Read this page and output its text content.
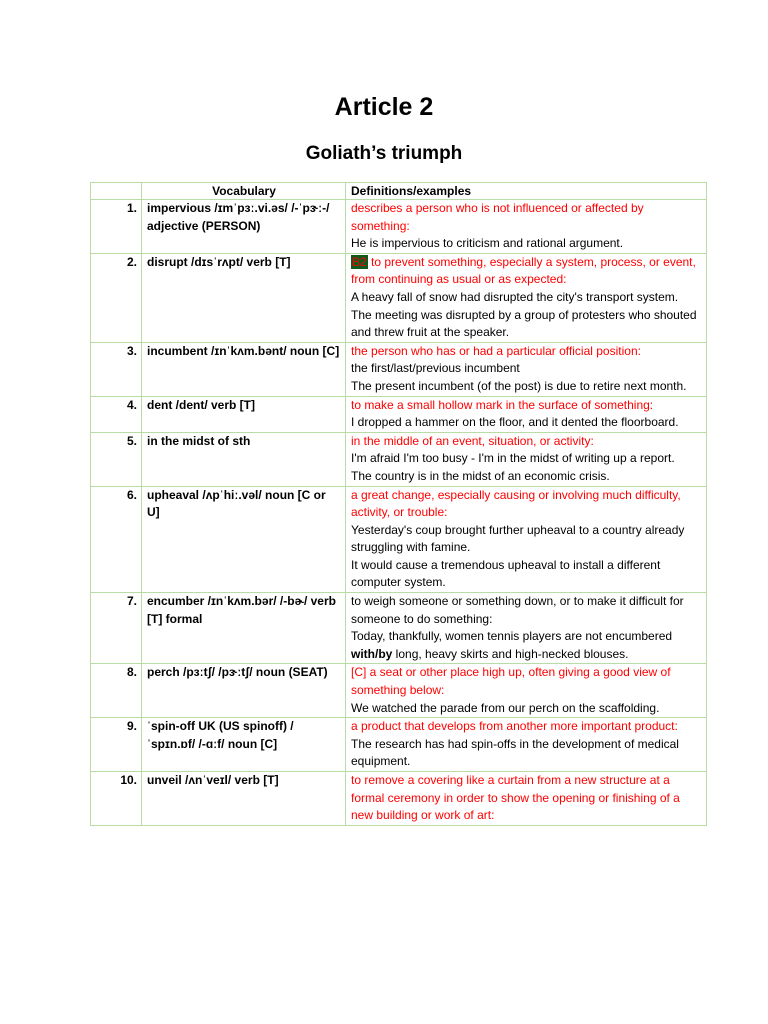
Article 2
Goliath’s triumph
	Vocabulary	Definitions/examples
1.	impervious /ɪmˈpɜː.vi.əs/ /-ˈpɝː-/ adjective (PERSON)	describes a person who is not influenced or affected by something:
He is impervious to criticism and rational argument.

2.	disrupt /dɪsˈrʌpt/ verb [T]	B2 to prevent something, especially a system, process, or event, from continuing as usual or as expected:
A heavy fall of snow had disrupted the city's transport system.
The meeting was disrupted by a group of protesters who shouted and threw fruit at the speaker.

3.	incumbent /ɪnˈkʌm.bənt/ noun [C]	the person who has or had a particular official position:
the first/last/previous incumbent
The present incumbent (of the post) is due to retire next month.

4.	dent /dent/ verb [T]	to make a small hollow mark in the surface of something:
I dropped a hammer on the floor, and it dented the floorboard.

5.	in the midst of sth	in the middle of an event, situation, or activity:
I'm afraid I'm too busy - I'm in the midst of writing up a report.
The country is in the midst of an economic crisis.

6.	upheaval /ʌpˈhiː.vəl/ noun [C or U]	a great change, especially causing or involving much difficulty, activity, or trouble:
Yesterday's coup brought further upheaval to a country already struggling with famine.
It would cause a tremendous upheaval to install a different computer system.

7.	encumber /ɪnˈkʌm.bər/ /-bɚ/ verb [T] formal	to weigh someone or something down, or to make it difficult for someone to do something:
Today, thankfully, women tennis players are not encumbered with/by long, heavy skirts and high-necked blouses.

8.	perch /pɜːtʃ/ /pɝːtʃ/ noun (SEAT)	[C] a seat or other place high up, often giving a good view of something below:
We watched the parade from our perch on the scaffolding.

9.	ˈspin-off UK (US spinoff) /ˈspɪn.ɒf/ /-ɑːf/ noun [C]	a product that develops from another more important product:
The research has had spin-offs in the development of medical equipment.

10.	unveil /ʌnˈveɪl/ verb [T]	to remove a covering like a curtain from a new structure at a formal ceremony in order to show the opening or finishing of a new building or work of art:
